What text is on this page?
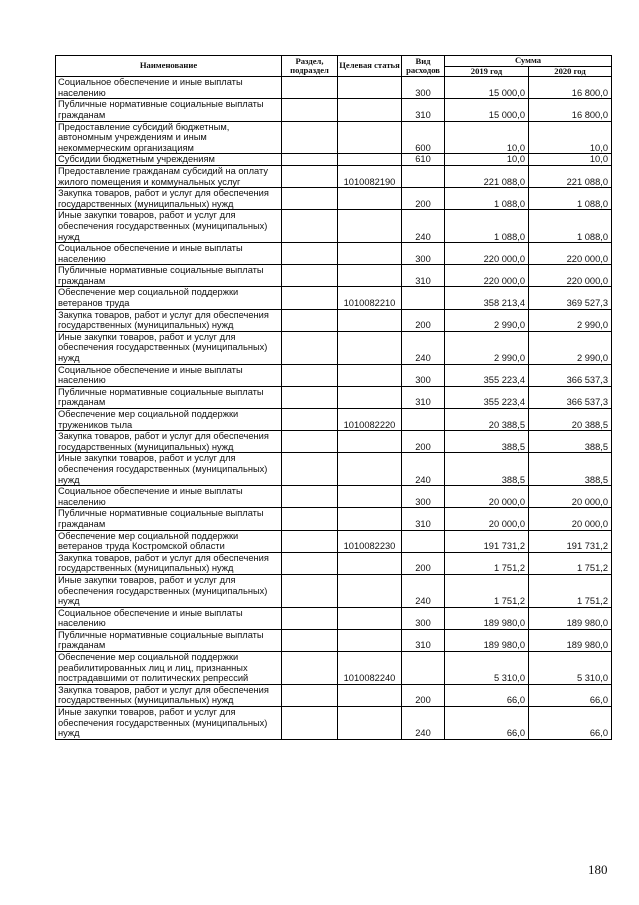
Наименование	Раздел, подраздел	Целевая статья	Вид расходов	Сумма	
				2019 год	2020 год
Социальное обеспечение и иные выплаты населению			300	15 000,0	16 800,0
Публичные нормативные социальные выплаты гражданам			310	15 000,0	16 800,0
Предоставление субсидий бюджетным, автономным учреждениям и иным некоммерческим организациям			600	10,0	10,0
Субсидии бюджетным учреждениям			610	10,0	10,0
Предоставление гражданам субсидий на оплату жилого помещения и коммунальных услуг		1010082190		221 088,0	221 088,0
Закупка товаров, работ и услуг для обеспечения государственных (муниципальных) нужд			200	1 088,0	1 088,0
Иные закупки товаров, работ и услуг для обеспечения государственных (муниципальных) нужд			240	1 088,0	1 088,0
Социальное обеспечение и иные выплаты населению			300	220 000,0	220 000,0
Публичные нормативные социальные выплаты гражданам			310	220 000,0	220 000,0
Обеспечение мер социальной поддержки ветеранов труда		1010082210		358 213,4	369 527,3
Закупка товаров, работ и услуг для обеспечения государственных (муниципальных) нужд			200	2 990,0	2 990,0
Иные закупки товаров, работ и услуг для обеспечения государственных (муниципальных) нужд			240	2 990,0	2 990,0
Социальное обеспечение и иные выплаты населению			300	355 223,4	366 537,3
Публичные нормативные социальные выплаты гражданам			310	355 223,4	366 537,3
Обеспечение мер социальной поддержки тружеников тыла		1010082220		20 388,5	20 388,5
Закупка товаров, работ и услуг для обеспечения государственных (муниципальных) нужд			200	388,5	388,5
Иные закупки товаров, работ и услуг для обеспечения государственных (муниципальных) нужд			240	388,5	388,5
Социальное обеспечение и иные выплаты населению			300	20 000,0	20 000,0
Публичные нормативные социальные выплаты гражданам			310	20 000,0	20 000,0
Обеспечение мер социальной поддержки ветеранов труда Костромской области		1010082230		191 731,2	191 731,2
Закупка товаров, работ и услуг для обеспечения государственных (муниципальных) нужд			200	1 751,2	1 751,2
Иные закупки товаров, работ и услуг для обеспечения государственных (муниципальных) нужд			240	1 751,2	1 751,2
Социальное обеспечение и иные выплаты населению			300	189 980,0	189 980,0
Публичные нормативные социальные выплаты гражданам			310	189 980,0	189 980,0
Обеспечение мер социальной поддержки реабилитированных лиц и лиц, признанных пострадавшими от политических репрессий		1010082240		5 310,0	5 310,0
Закупка товаров, работ и услуг для обеспечения государственных (муниципальных) нужд			200	66,0	66,0
Иные закупки товаров, работ и услуг для обеспечения государственных (муниципальных) нужд			240	66,0	66,0
180
